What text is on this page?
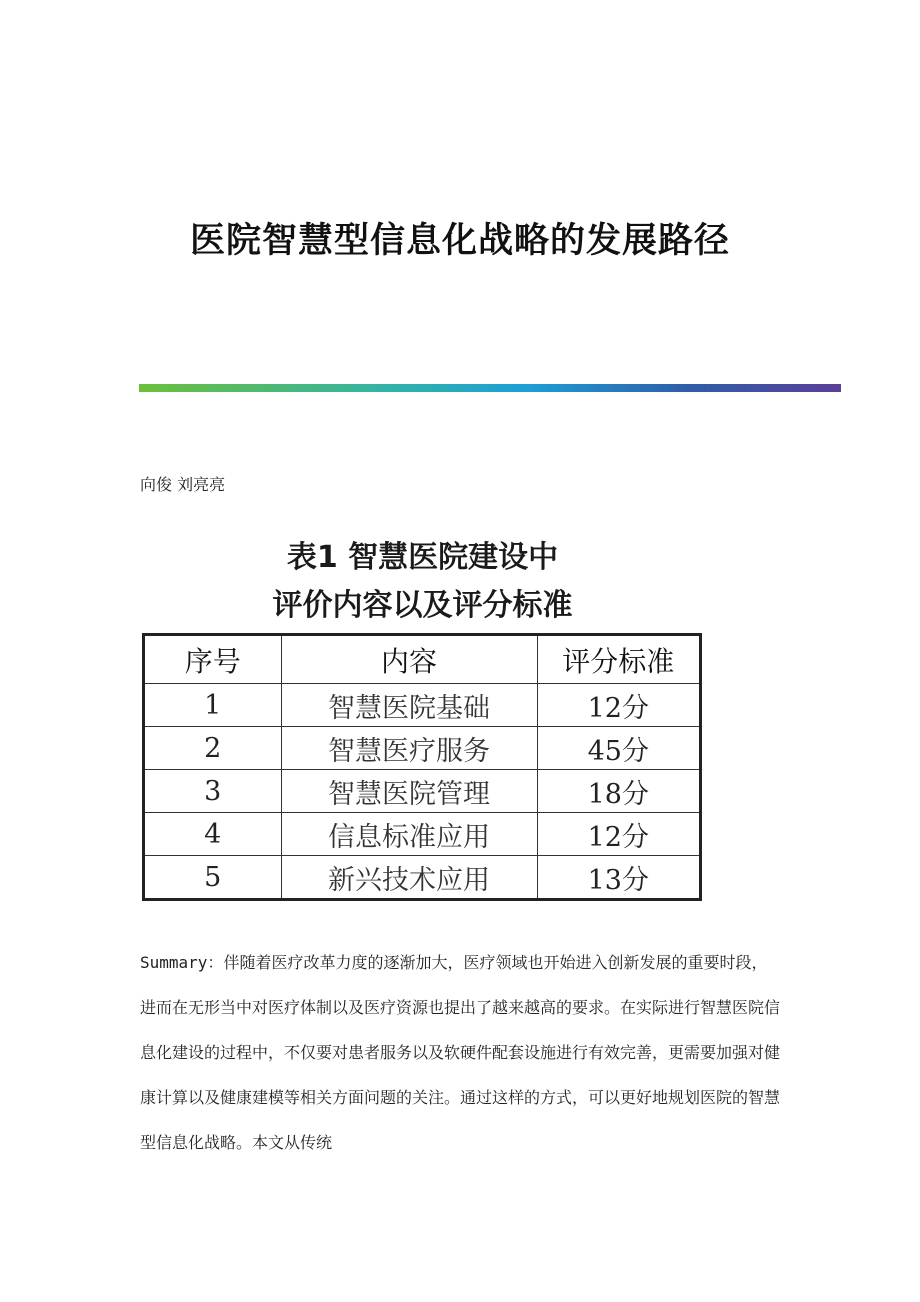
医院智慧型信息化战略的发展路径

向俊 刘亮亮

表1 智慧医院建设中
评价内容以及评分标准
序号	内容	评分标准
1	智慧医院基础	12分
2	智慧医疗服务	45分
3	智慧医院管理	18分
4	信息标准应用	12分
5	新兴技术应用	13分

Summary：伴随着医疗改革力度的逐渐加大，医疗领域也开始进入创新发展的重要时段，进而在无形当中对医疗体制以及医疗资源也提出了越来越高的要求。在实际进行智慧医院信息化建设的过程中，不仅要对患者服务以及软硬件配套设施进行有效完善，更需要加强对健康计算以及健康建模等相关方面问题的关注。通过这样的方式，可以更好地规划医院的智慧型信息化战略。本文从传统
